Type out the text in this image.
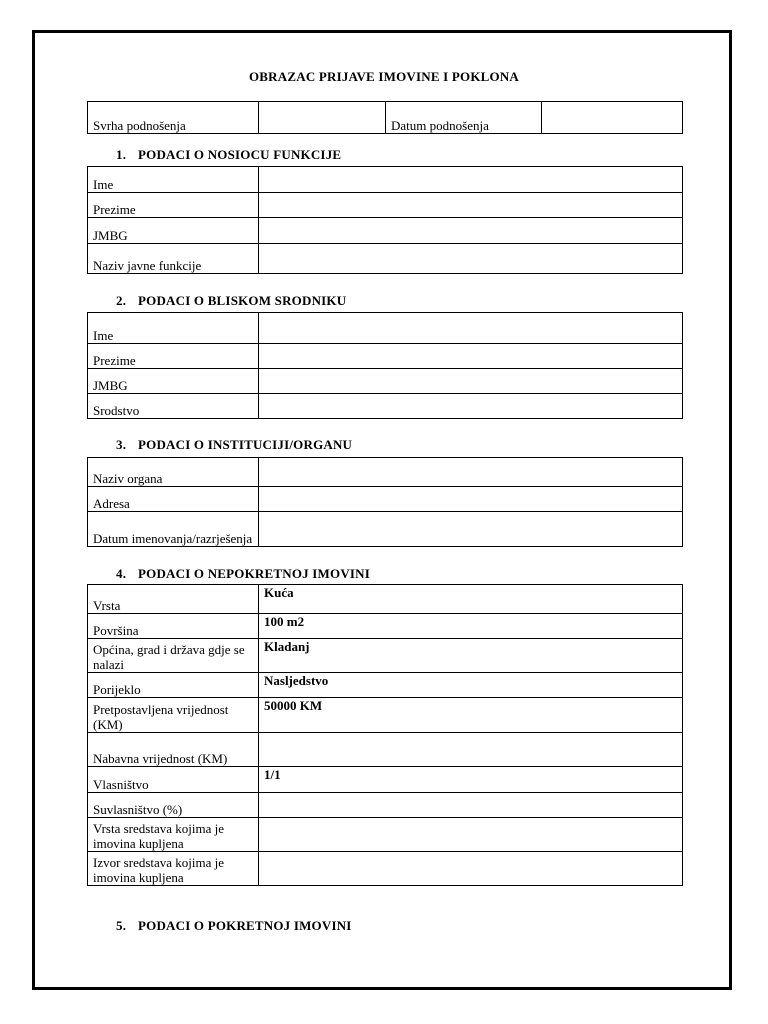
OBRAZAC PRIJAVE IMOVINE I POKLONA
Svrha podnošenja		Datum podnošenja	
1. PODACI O NOSIOCU FUNKCIJE
Ime	
Prezime	
JMBG	
Naziv javne funkcije	
2. PODACI O BLISKOM SRODNIKU
Ime	
Prezime	
JMBG	
Srodstvo	
3. PODACI O INSTITUCIJI/ORGANU
Naziv organa	
Adresa	
Datum imenovanja/razrješenja	
4. PODACI O NEPOKRETNOJ IMOVINI
Vrsta	Kuća
Površina	100 m2
Općina, grad i država gdje se nalazi	Kladanj
Porijeklo	Nasljedstvo
Pretpostavljena vrijednost (KM)	50000 KM
Nabavna vrijednost (KM)	
Vlasništvo	1/1
Suvlasništvo (%)	
Vrsta sredstava kojima je imovina kupljena	
Izvor sredstava kojima je imovina kupljena	
5. PODACI O POKRETNOJ IMOVINI
